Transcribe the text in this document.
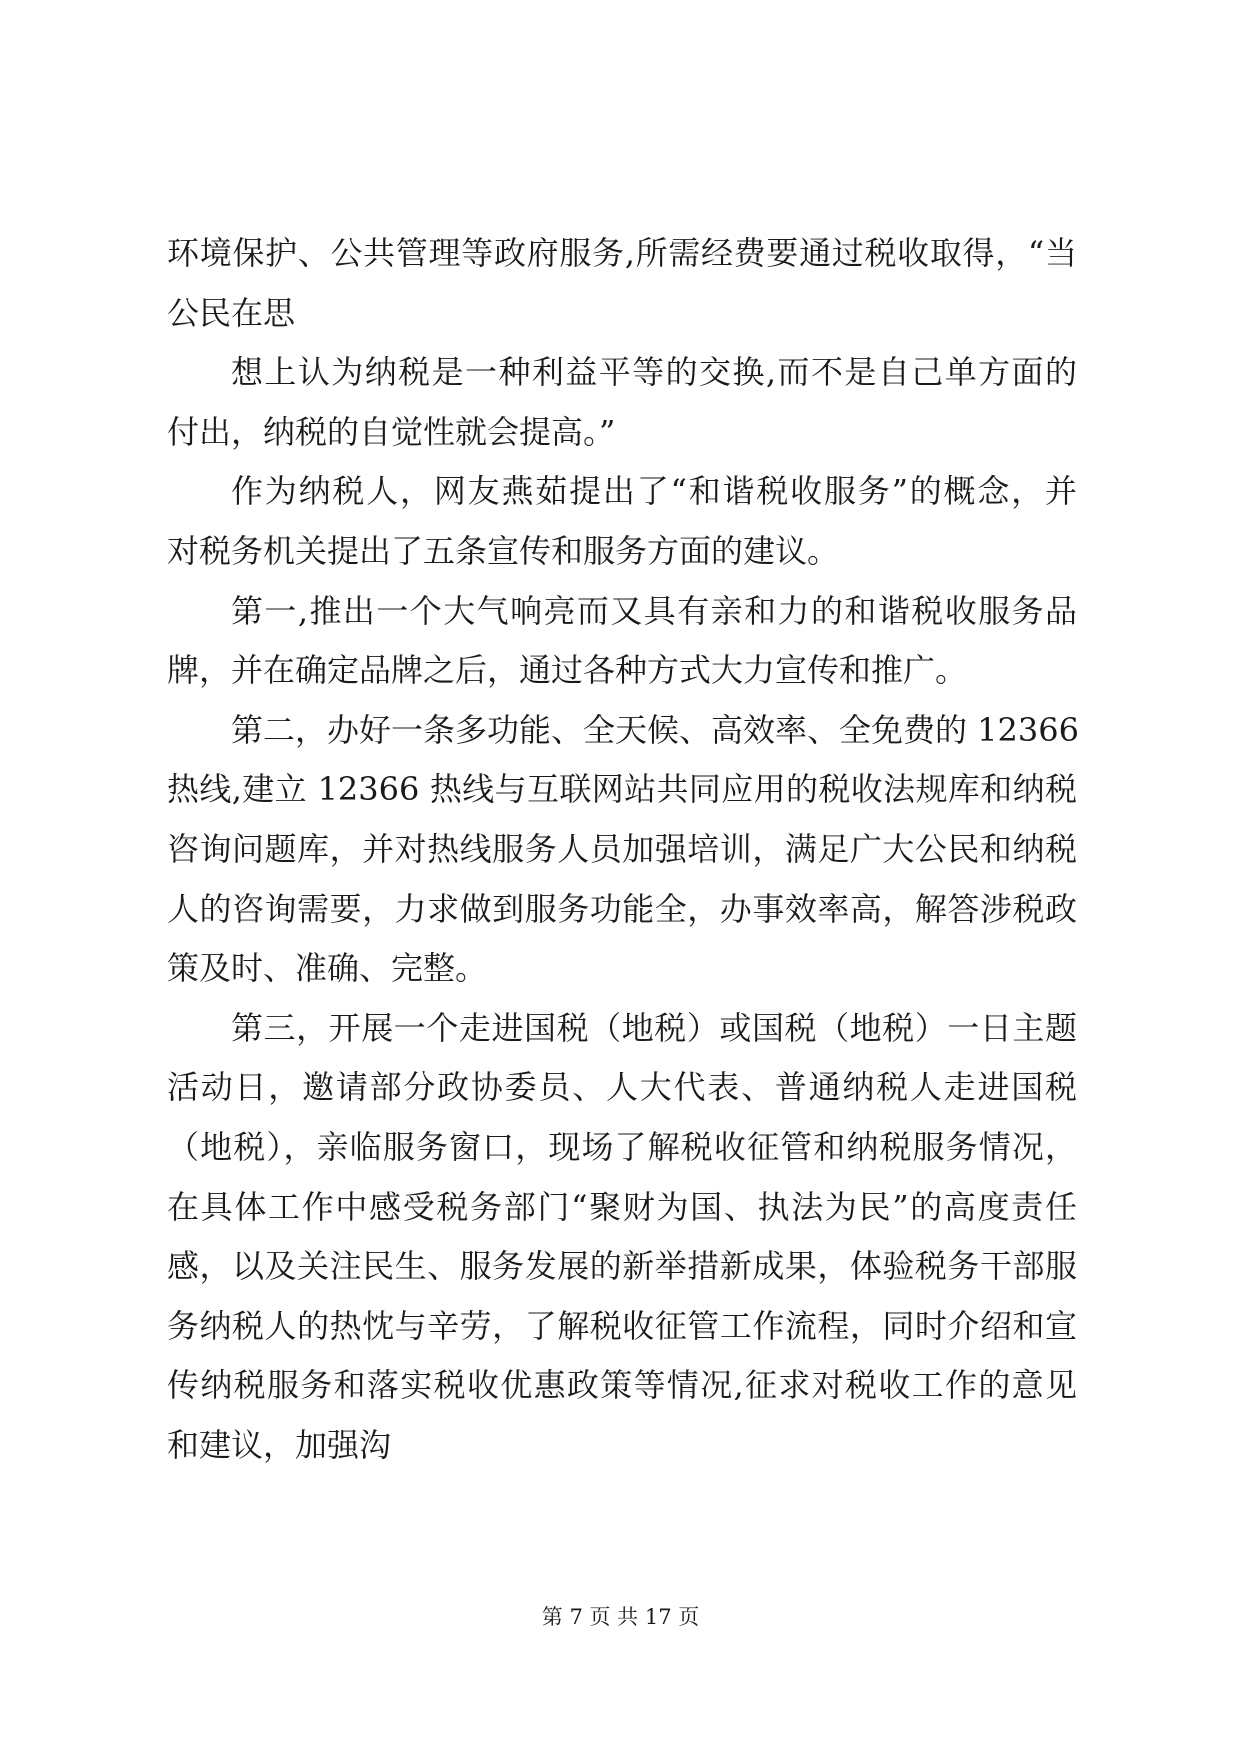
环境保护、公共管理等政府服务,所需经费要通过税收取得，“当
公民在思
想上认为纳税是一种利益平等的交换,而不是自己单方面的
付出，纳税的自觉性就会提高。”
作为纳税人，网友燕茹提出了“和谐税收服务”的概念，并
对税务机关提出了五条宣传和服务方面的建议。
第一,推出一个大气响亮而又具有亲和力的和谐税收服务品
牌，并在确定品牌之后，通过各种方式大力宣传和推广。
第二，办好一条多功能、全天候、高效率、全免费的 12366
热线,建立 12366 热线与互联网站共同应用的税收法规库和纳税
咨询问题库，并对热线服务人员加强培训，满足广大公民和纳税
人的咨询需要，力求做到服务功能全，办事效率高，解答涉税政
策及时、准确、完整。
第三，开展一个走进国税（地税）或国税（地税）一日主题
活动日，邀请部分政协委员、人大代表、普通纳税人走进国税
（地税），亲临服务窗口，现场了解税收征管和纳税服务情况，
在具体工作中感受税务部门“聚财为国、执法为民”的高度责任
感，以及关注民生、服务发展的新举措新成果，体验税务干部服
务纳税人的热忱与辛劳，了解税收征管工作流程，同时介绍和宣
传纳税服务和落实税收优惠政策等情况,征求对税收工作的意见
和建议，加强沟
第 7 页 共 17 页
